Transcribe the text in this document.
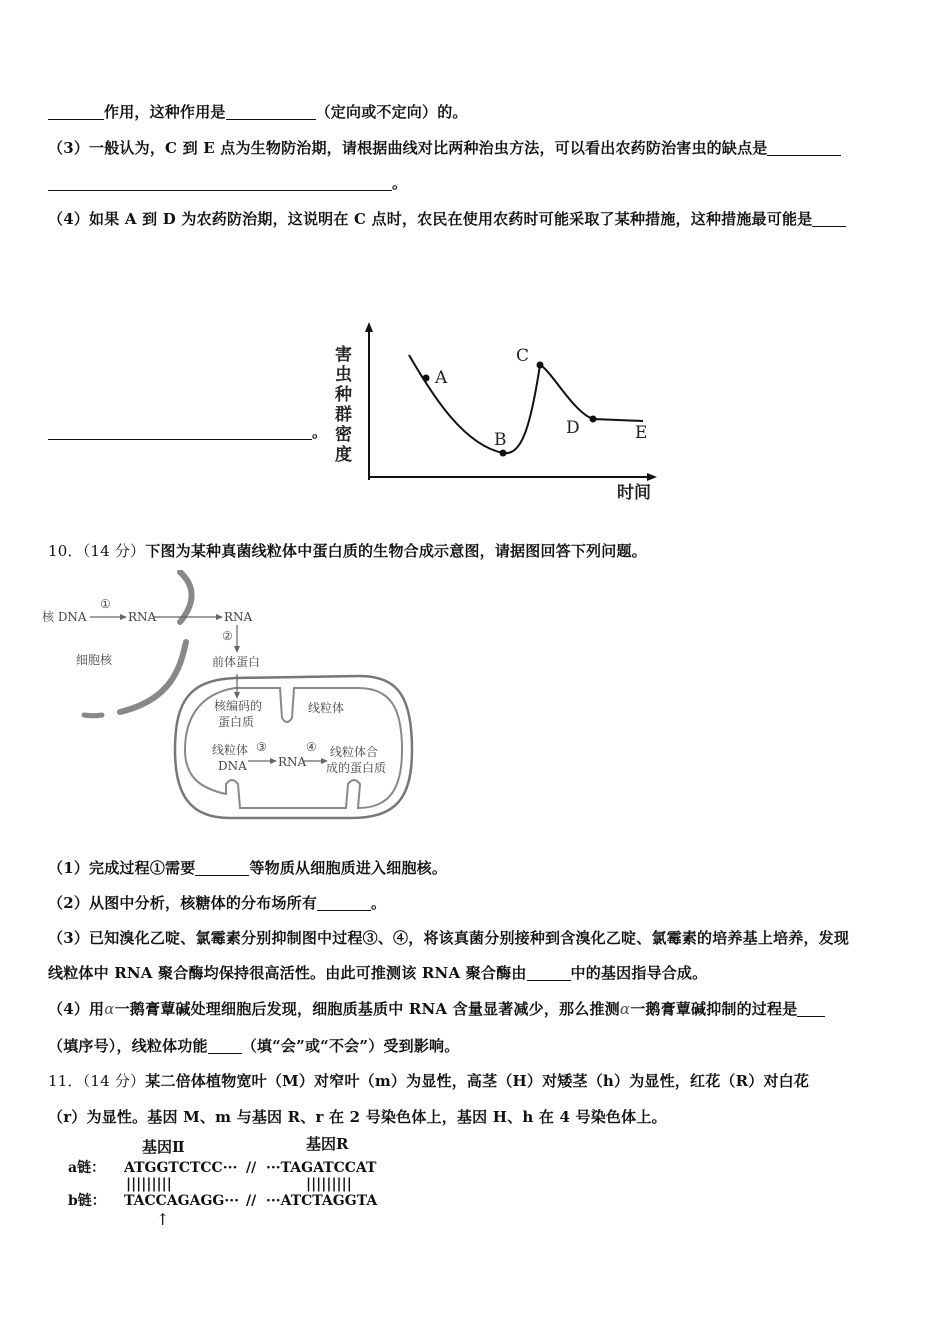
作用，这种作用是	（定向或不定向）的。
（3）一般认为，C 到 E 点为生物防治期，请根据曲线对比两种治虫方法，可以看出农药防治害虫的缺点是
。
（4）如果 A 到 D 为农药防治期，这说明在 C 点时，农民在使用农药时可能采取了某种措施，这种措施最可能是
。
害
虫
种
群
密
度
时间
A
B
C
D	E
10．（14 分）下图为某种真菌线粒体中蛋白质的生物合成示意图，请据图回答下列问题。
核 DNA
①
RNA	RNA
②
细胞核	前体蛋白
核编码的
蛋白质
线粒体
线粒体
DNA
③
RNA
④ 线粒体合
成的蛋白质
（1）完成过程①需要	等物质从细胞质进入细胞核。
（2）从图中分析，核糖体的分布场所有	。
（3）已知溴化乙啶、氯霉素分别抑制图中过程③、④，将该真菌分别接种到含溴化乙啶、氯霉素的培养基上培养，发现
线粒体中 RNA 聚合酶均保持很高活性。由此可推测该 RNA 聚合酶由	中的基因指导合成。
（4）用α一鹅膏蕈碱处理细胞后发现，细胞质基质中 RNA 含量显著减少，那么推测α一鹅膏蕈碱抑制的过程是
（填序号），线粒体功能 （填“会”或“不会”）受到影响。
11．（14 分）某二倍体植物宽叶（M）对窄叶（m）为显性，高茎（H）对矮茎（h）为显性，红花（R）对白花
（r）为显性。基因 M、m 与基因 R、r 在 2 号染色体上，基因 H、h 在 4 号染色体上。
基因Ⅱ	基因R
a链：
b链：
ATGGTCTCC··· // ···TAGATCCAT
|||||||||	|||||||||
TACCAGAGG··· // ···ATCTAGGTA
↑
